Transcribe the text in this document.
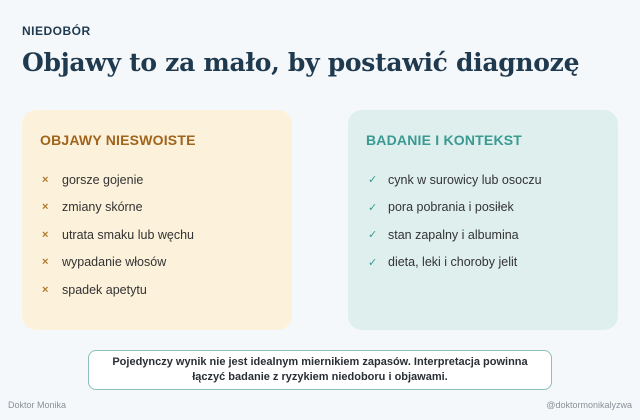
NIEDOBÓR
Objawy to za mało, by postawić diagnozę
OBJAWY NIESWOISTE
×	gorsze gojenie
×	zmiany skórne
×	utrata smaku lub węchu
×	wypadanie włosów
×	spadek apetytu
BADANIE I KONTEKST
✓ cynk w surowicy lub osoczu
✓ pora pobrania i posiłek
✓ stan zapalny i albumina
✓ dieta, leki i choroby jelit
Pojedynczy wynik nie jest idealnym miernikiem zapasów. Interpretacja powinna
łączyć badanie z ryzykiem niedoboru i objawami.
Doktor Monika	@doktormonikalyzwa
